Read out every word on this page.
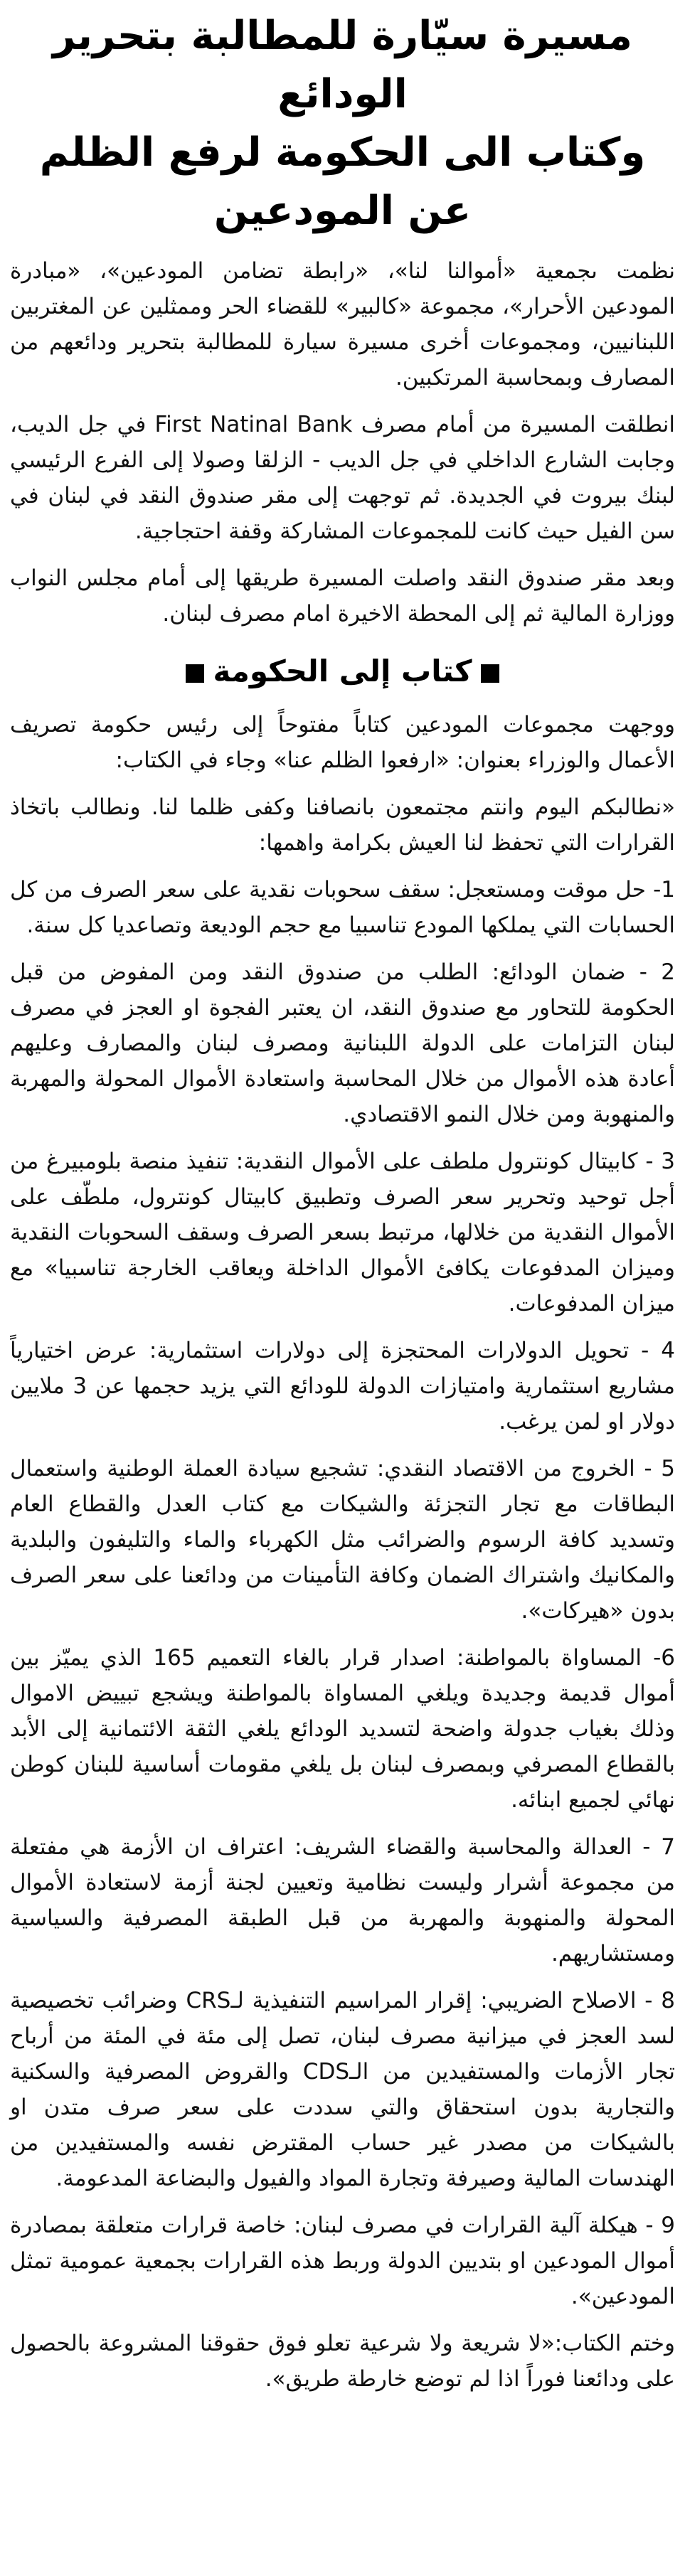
مسيرة سيّارة للمطالبة بتحرير الودائع
وكتاب الى الحكومة لرفع الظلم عن المودعين

نظمت ىجمعية «أموالنا لنا»، «رابطة تضامن المودعين»، «مبادرة المودعين الأحرار»، مجموعة «كالبير» للقضاء الحر وممثلين عن المغتربين اللبنانيين، ومجموعات أخرى مسيرة سيارة للمطالبة بتحرير ودائعهم من المصارف وبمحاسبة المرتكبين.

انطلقت المسيرة من أمام مصرف First Natinal Bank في جل الديب، وجابت الشارع الداخلي في جل الديب - الزلقا وصولا إلى الفرع الرئيسي لبنك بيروت في الجديدة. ثم توجهت إلى مقر صندوق النقد في لبنان في سن الفيل حيث كانت للمجموعات المشاركة وقفة احتجاجية.

وبعد مقر صندوق النقد واصلت المسيرة طريقها إلى أمام مجلس النواب ووزارة المالية ثم إلى المحطة الاخيرة امام مصرف لبنان.

كتاب إلى الحكومة

ووجهت مجموعات المودعين كتاباً مفتوحاً إلى رئيس حكومة تصريف الأعمال والوزراء بعنوان: «ارفعوا الظلم عنا» وجاء في الكتاب:

«نطالبكم اليوم وانتم مجتمعون بانصافنا وكفى ظلما لنا. ونطالب باتخاذ القرارات التي تحفظ لنا العيش بكرامة واهمها:

1- حل موقت ومستعجل: سقف سحوبات نقدية على سعر الصرف من كل الحسابات التي يملكها المودع تناسبيا مع حجم الوديعة وتصاعديا كل سنة.

2 - ضمان الودائع: الطلب من صندوق النقد ومن المفوض من قبل الحكومة للتحاور مع صندوق النقد، ان يعتبر الفجوة او العجز في مصرف لبنان التزامات على الدولة اللبنانية ومصرف لبنان والمصارف وعليهم أعادة هذه الأموال من خلال المحاسبة واستعادة الأموال المحولة والمهربة والمنهوبة ومن خلال النمو الاقتصادي.

3 - كابيتال كونترول ملطف على الأموال النقدية: تنفيذ منصة بلومبيرغ من أجل توحيد وتحرير سعر الصرف وتطبيق كابيتال كونترول، ملطّف على الأموال النقدية من خلالها، مرتبط بسعر الصرف وسقف السحوبات النقدية وميزان المدفوعات يكافئ الأموال الداخلة ويعاقب الخارجة تناسبيا» مع ميزان المدفوعات.

4 - تحويل الدولارات المحتجزة إلى دولارات استثمارية: عرض اختيارياً مشاريع استثمارية وامتيازات الدولة للودائع التي يزيد حجمها عن 3 ملايين دولار او لمن يرغب.

5 - الخروج من الاقتصاد النقدي: تشجيع سيادة العملة الوطنية واستعمال البطاقات مع تجار التجزئة والشيكات مع كتاب العدل والقطاع العام وتسديد كافة الرسوم والضرائب مثل الكهرباء والماء والتليفون والبلدية والمكانيك واشتراك الضمان وكافة التأمينات من ودائعنا على سعر الصرف بدون «هيركات».

6- المساواة بالمواطنة: اصدار قرار بالغاء التعميم 165 الذي يميّز بين أموال قديمة وجديدة ويلغي المساواة بالمواطنة ويشجع تبييض الاموال وذلك بغياب جدولة واضحة لتسديد الودائع يلغي الثقة الائتمانية إلى الأبد بالقطاع المصرفي وبمصرف لبنان بل يلغي مقومات أساسية للبنان كوطن نهائي لجميع ابنائه.

7 - العدالة والمحاسبة والقضاء الشريف: اعتراف ان الأزمة هي مفتعلة من مجموعة أشرار وليست نظامية وتعيين لجنة أزمة لاستعادة الأموال المحولة والمنهوبة والمهربة من قبل الطبقة المصرفية والسياسية ومستشاريهم.

8 - الاصلاح الضريبي: إقرار المراسيم التنفيذية لـCRS وضرائب تخصيصية لسد العجز في ميزانية مصرف لبنان، تصل إلى مئة في المئة من أرباح تجار الأزمات والمستفيدين من الـCDS والقروض المصرفية والسكنية والتجارية بدون استحقاق والتي سددت على سعر صرف متدن او بالشيكات من مصدر غير حساب المقترض نفسه والمستفيدين من الهندسات المالية وصيرفة وتجارة المواد والفيول والبضاعة المدعومة.

9 - هيكلة آلية القرارات في مصرف لبنان: خاصة قرارات متعلقة بمصادرة أموال المودعين او بتديين الدولة وربط هذه القرارات بجمعية عمومية تمثل المودعين».

وختم الكتاب:«لا شريعة ولا شرعية تعلو فوق حقوقنا المشروعة بالحصول على ودائعنا فوراً اذا لم توضع خارطة طريق».
